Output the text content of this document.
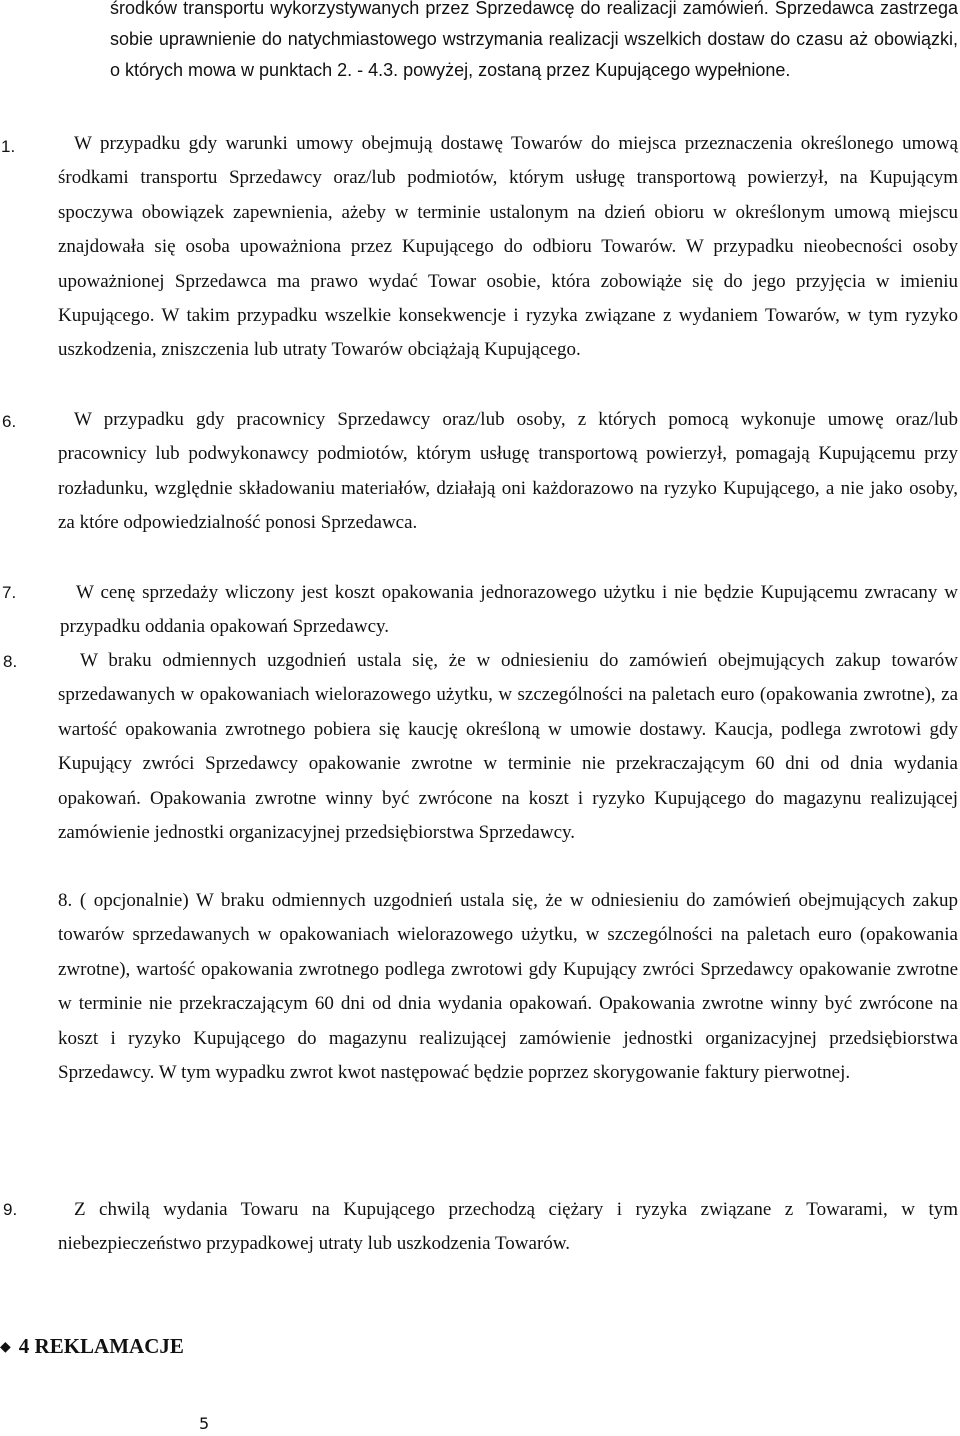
środków transportu wykorzystywanych przez Sprzedawcę do realizacji zamówień. Sprzedawca zastrzega sobie uprawnienie do natychmiastowego wstrzymania realizacji wszelkich dostaw do czasu aż obowiązki, o których mowa w punktach 2. - 4.3. powyżej, zostaną przez Kupującego wypełnione.

1.	W przypadku gdy warunki umowy obejmują dostawę Towarów do miejsca przeznaczenia określonego umową środkami transportu Sprzedawcy oraz/lub podmiotów, którym usługę transportową powierzył, na Kupującym spoczywa obowiązek zapewnienia, ażeby w terminie ustalonym na dzień obioru w określonym umową miejscu znajdowała się osoba upoważniona przez Kupującego do odbioru Towarów. W przypadku nieobecności osoby upoważnionej Sprzedawca ma prawo wydać Towar osobie, która zobowiąże się do jego przyjęcia w imieniu Kupującego. W takim przypadku wszelkie konsekwencje i ryzyka związane z wydaniem Towarów, w tym ryzyko uszkodzenia, zniszczenia lub utraty Towarów obciążają Kupującego.

6.	W przypadku gdy pracownicy Sprzedawcy oraz/lub osoby, z których pomocą wykonuje umowę oraz/lub pracownicy lub podwykonawcy podmiotów, którym usługę transportową powierzył, pomagają Kupującemu przy rozładunku, względnie składowaniu materiałów, działają oni każdorazowo na ryzyko Kupującego, a nie jako osoby, za które odpowiedzialność ponosi Sprzedawca.

7.	W cenę sprzedaży wliczony jest koszt opakowania jednorazowego użytku i nie będzie Kupującemu zwracany w przypadku oddania opakowań Sprzedawcy.

8.	W braku odmiennych uzgodnień ustala się, że w odniesieniu do zamówień obejmujących zakup towarów sprzedawanych w opakowaniach wielorazowego użytku, w szczególności na paletach euro (opakowania zwrotne), za wartość opakowania zwrotnego pobiera się kaucję określoną w umowie dostawy. Kaucja, podlega zwrotowi gdy Kupujący zwróci Sprzedawcy opakowanie zwrotne w terminie nie przekraczającym 60 dni od dnia wydania opakowań. Opakowania zwrotne winny być zwrócone na koszt i ryzyko Kupującego do magazynu realizującej zamówienie jednostki organizacyjnej przedsiębiorstwa Sprzedawcy.

8. ( opcjonalnie) W braku odmiennych uzgodnień ustala się, że w odniesieniu do zamówień obejmujących zakup towarów sprzedawanych w opakowaniach wielorazowego użytku, w szczególności na paletach euro (opakowania zwrotne), wartość opakowania zwrotnego podlega zwrotowi gdy Kupujący zwróci Sprzedawcy opakowanie zwrotne w terminie nie przekraczającym 60 dni od dnia wydania opakowań. Opakowania zwrotne winny być zwrócone na koszt i ryzyko Kupującego do magazynu realizującej zamówienie jednostki organizacyjnej przedsiębiorstwa Sprzedawcy. W tym wypadku zwrot kwot następować będzie poprzez skorygowanie faktury pierwotnej.

9.	Z chwilą wydania Towaru na Kupującego przechodzą ciężary i ryzyka związane z Towarami, w tym niebezpieczeństwo przypadkowej utraty lub uszkodzenia Towarów.

◆ 4 REKLAMACJE
5
